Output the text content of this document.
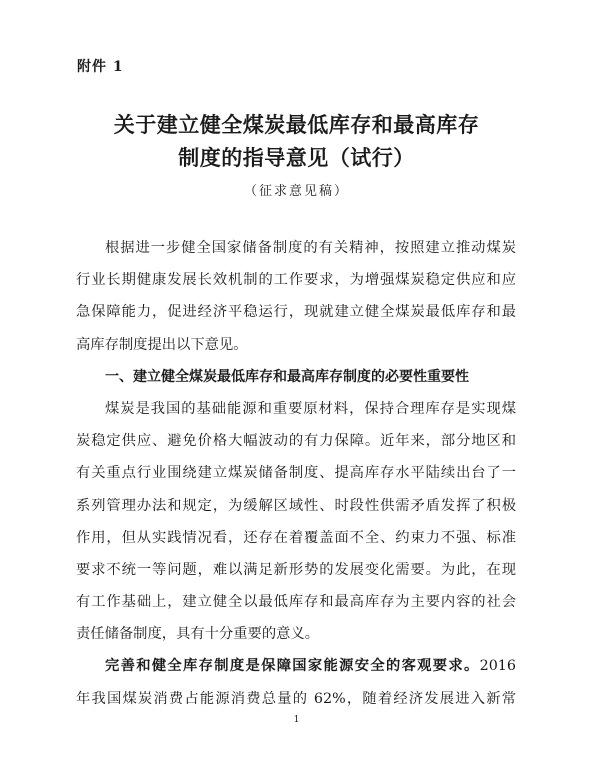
附件 1
关于建立健全煤炭最低库存和最高库存
制度的指导意见（试行）
（征求意见稿）
根据进一步健全国家储备制度的有关精神，按照建立推动煤炭
行业长期健康发展长效机制的工作要求，为增强煤炭稳定供应和应
急保障能力，促进经济平稳运行，现就建立健全煤炭最低库存和最
高库存制度提出以下意见。
一、建立健全煤炭最低库存和最高库存制度的必要性重要性
煤炭是我国的基础能源和重要原材料，保持合理库存是实现煤
炭稳定供应、避免价格大幅波动的有力保障。近年来，部分地区和
有关重点行业围绕建立煤炭储备制度、提高库存水平陆续出台了一
系列管理办法和规定，为缓解区域性、时段性供需矛盾发挥了积极
作用，但从实践情况看，还存在着覆盖面不全、约束力不强、标准
要求不统一等问题，难以满足新形势的发展变化需要。为此，在现
有工作基础上，建立健全以最低库存和最高库存为主要内容的社会
责任储备制度，具有十分重要的意义。
完善和健全库存制度是保障国家能源安全的客观要求。2016
年我国煤炭消费占能源消费总量的 62%，随着经济发展进入新常
1
